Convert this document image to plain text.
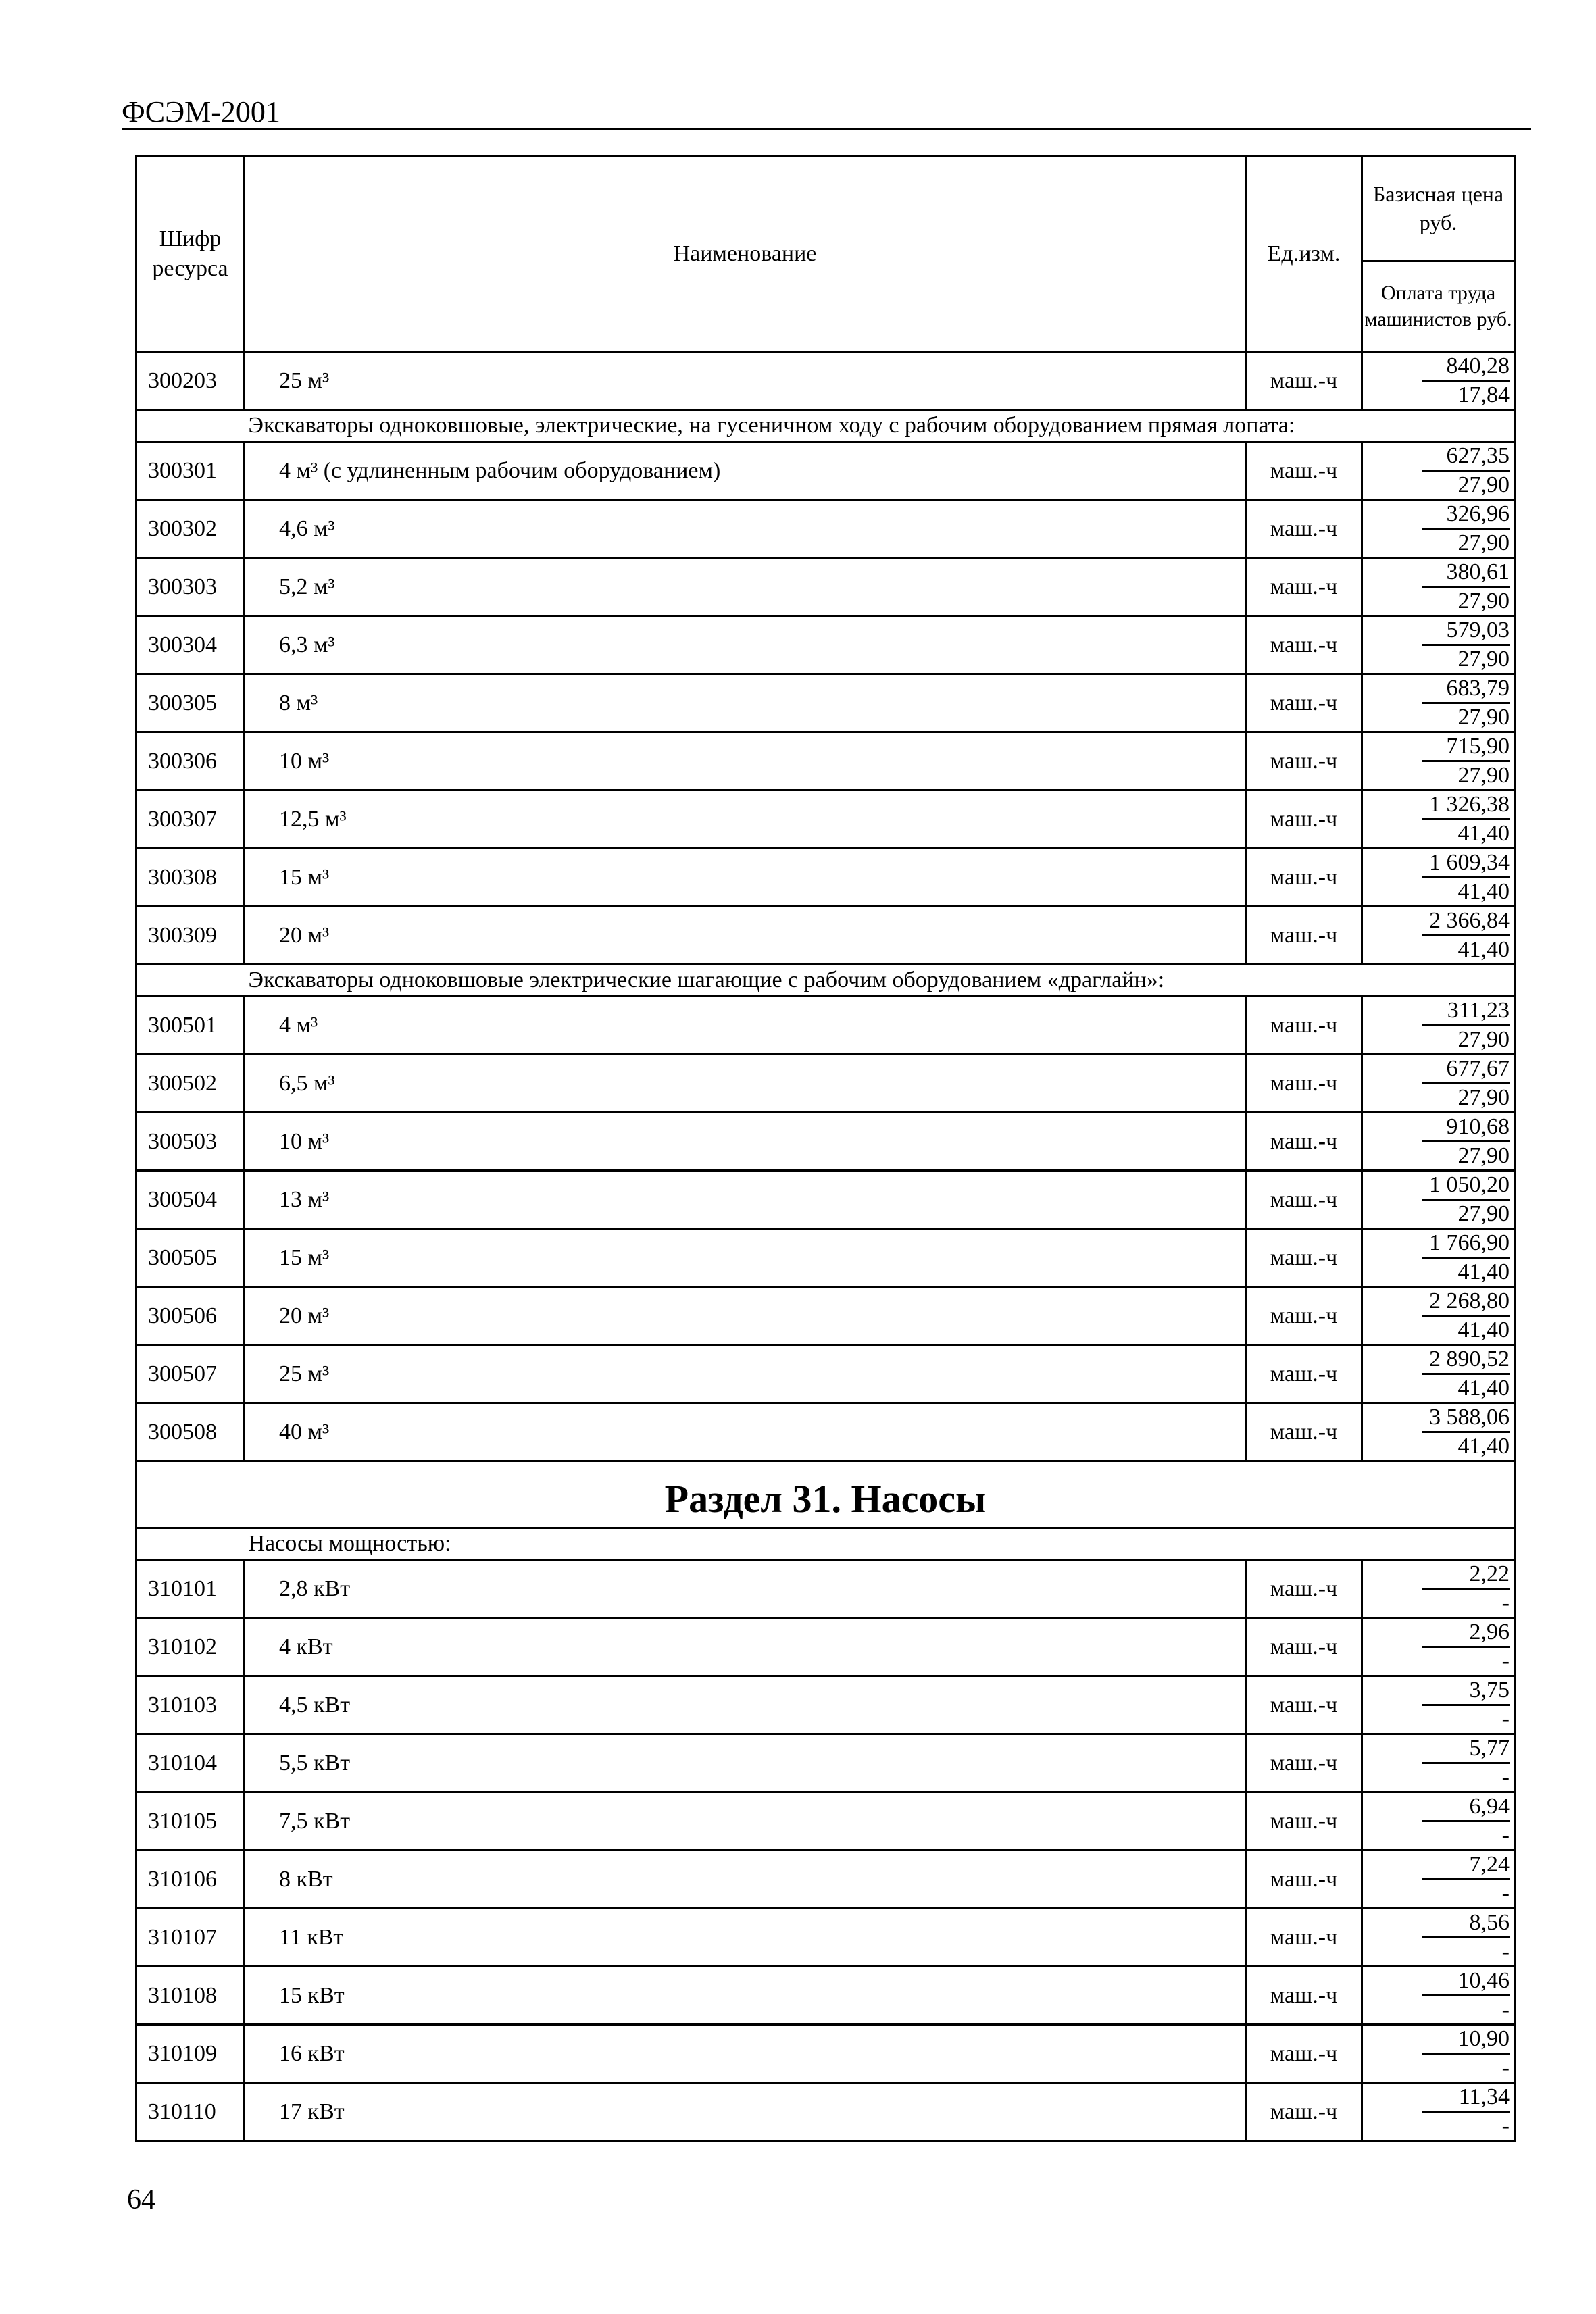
ФСЭМ-2001
Шифр ресурса	Наименование	Ед.изм.	Базисная цена руб.
			Оплата труда машинистов руб.
300203	25 м³	маш.-ч	840,28
17,84

	Экскаваторы одноковшовые, электрические, на гусеничном ходу с рабочим оборудованием прямая лопата:		
300301	4 м³ (с удлиненным рабочим оборудованием)	маш.-ч	627,35
27,90

300302	4,6 м³	маш.-ч	326,96
27,90

300303	5,2 м³	маш.-ч	380,61
27,90

300304	6,3 м³	маш.-ч	579,03
27,90

300305	8 м³	маш.-ч	683,79
27,90

300306	10 м³	маш.-ч	715,90
27,90

300307	12,5 м³	маш.-ч	1 326,38
41,40

300308	15 м³	маш.-ч	1 609,34
41,40

300309	20 м³	маш.-ч	2 366,84
41,40

	Экскаваторы одноковшовые электрические шагающие с рабочим оборудованием «драглайн»:		
300501	4 м³	маш.-ч	311,23
27,90

300502	6,5 м³	маш.-ч	677,67
27,90

300503	10 м³	маш.-ч	910,68
27,90

300504	13 м³	маш.-ч	1 050,20
27,90

300505	15 м³	маш.-ч	1 766,90
41,40

300506	20 м³	маш.-ч	2 268,80
41,40

300507	25 м³	маш.-ч	2 890,52
41,40

300508	40 м³	маш.-ч	3 588,06
41,40

Раздел 31. Насосы			
	Насосы мощностью:		
310101	2,8 кВт	маш.-ч	2,22
-

310102	4 кВт	маш.-ч	2,96
-

310103	4,5 кВт	маш.-ч	3,75
-

310104	5,5 кВт	маш.-ч	5,77
-

310105	7,5 кВт	маш.-ч	6,94
-

310106	8 кВт	маш.-ч	7,24
-

310107	11 кВт	маш.-ч	8,56
-

310108	15 кВт	маш.-ч	10,46
-

310109	16 кВт	маш.-ч	10,90
-

310110	17 кВт	маш.-ч	11,34
-
64
